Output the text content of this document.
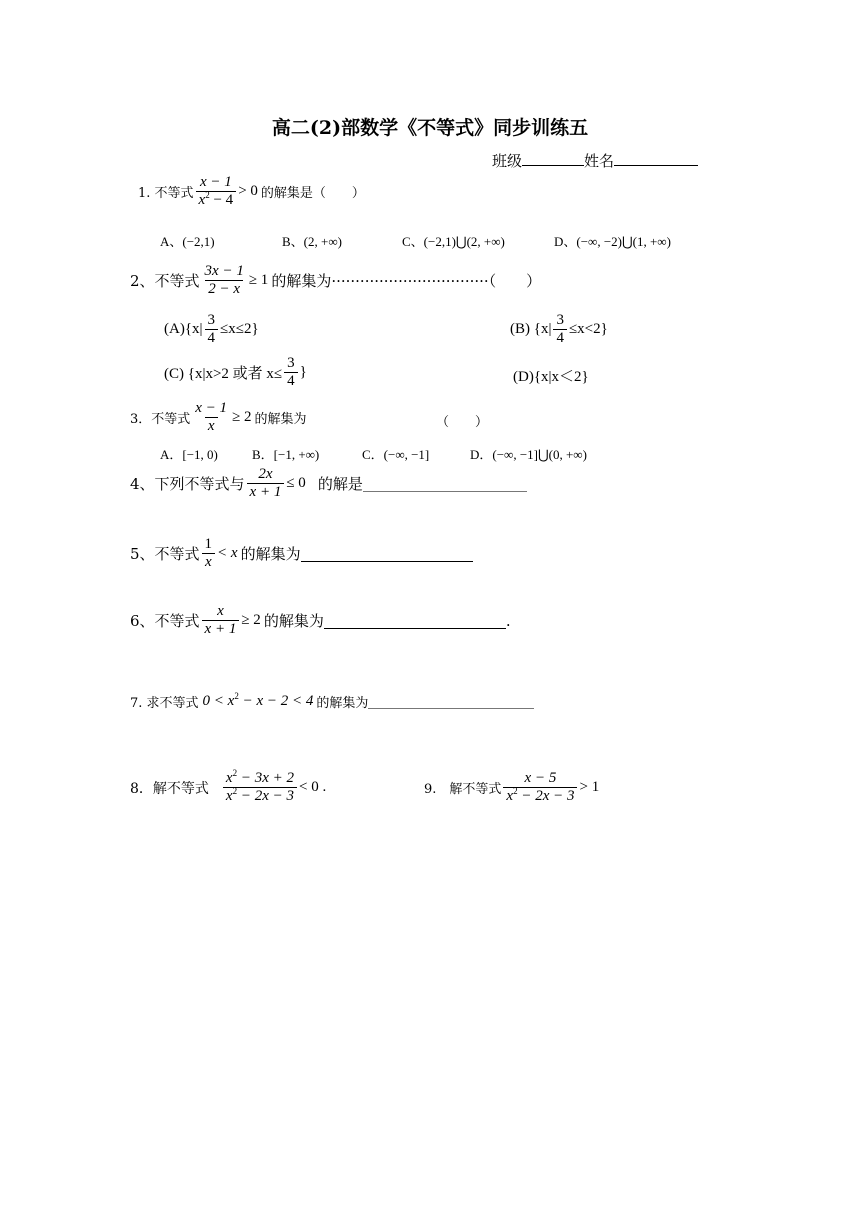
高二(2)部数学《不等式》同步训练五
班级	姓名
1. 不等式 $\frac{x - 1}{x^2 - 4} > 0$ 的解集是（　　）
A、(−2,1)	B、(2, +∞)	C、(−2,1)⋃(2, +∞)	D、(−∞, −2)⋃(1, +∞)
2、不等式 $\frac{3x - 1}{2 - x} \ge 1$ 的解集为·································（　　）
$(A)\{x| \frac{3}{4} \le x\le 2\}$	(B) $\{x| \frac{3}{4} \le x<2\}$
(C) {x|x>2 或者 $x\le \frac{3}{4}$ }	(D){x|x＜2}
3．不等式 $\frac{x - 1}{x} \ge 2$ 的解集为	（　　）
A．[−1, 0)	B．[−1, +∞)	C．(−∞, −1]	D．(−∞, −1]⋃(0, +∞)
4、下列不等式与 $\frac{2x}{x + 1} \le 0$ 的解是
5、不等式 $\frac{1}{x} < x$ 的解集为
6、不等式 $\frac{x}{x + 1} \ge 2$ 的解集为	.
7. 求不等式 $0 < x^2 - x - 2 < 4$ 的解集为
8．解不等式 $\frac{x^2 - 3x + 2}{x^2 - 2x - 3} < 0$ .	9.　解不等式 $\frac{x - 5}{x^2 - 2x - 3} > 1$
